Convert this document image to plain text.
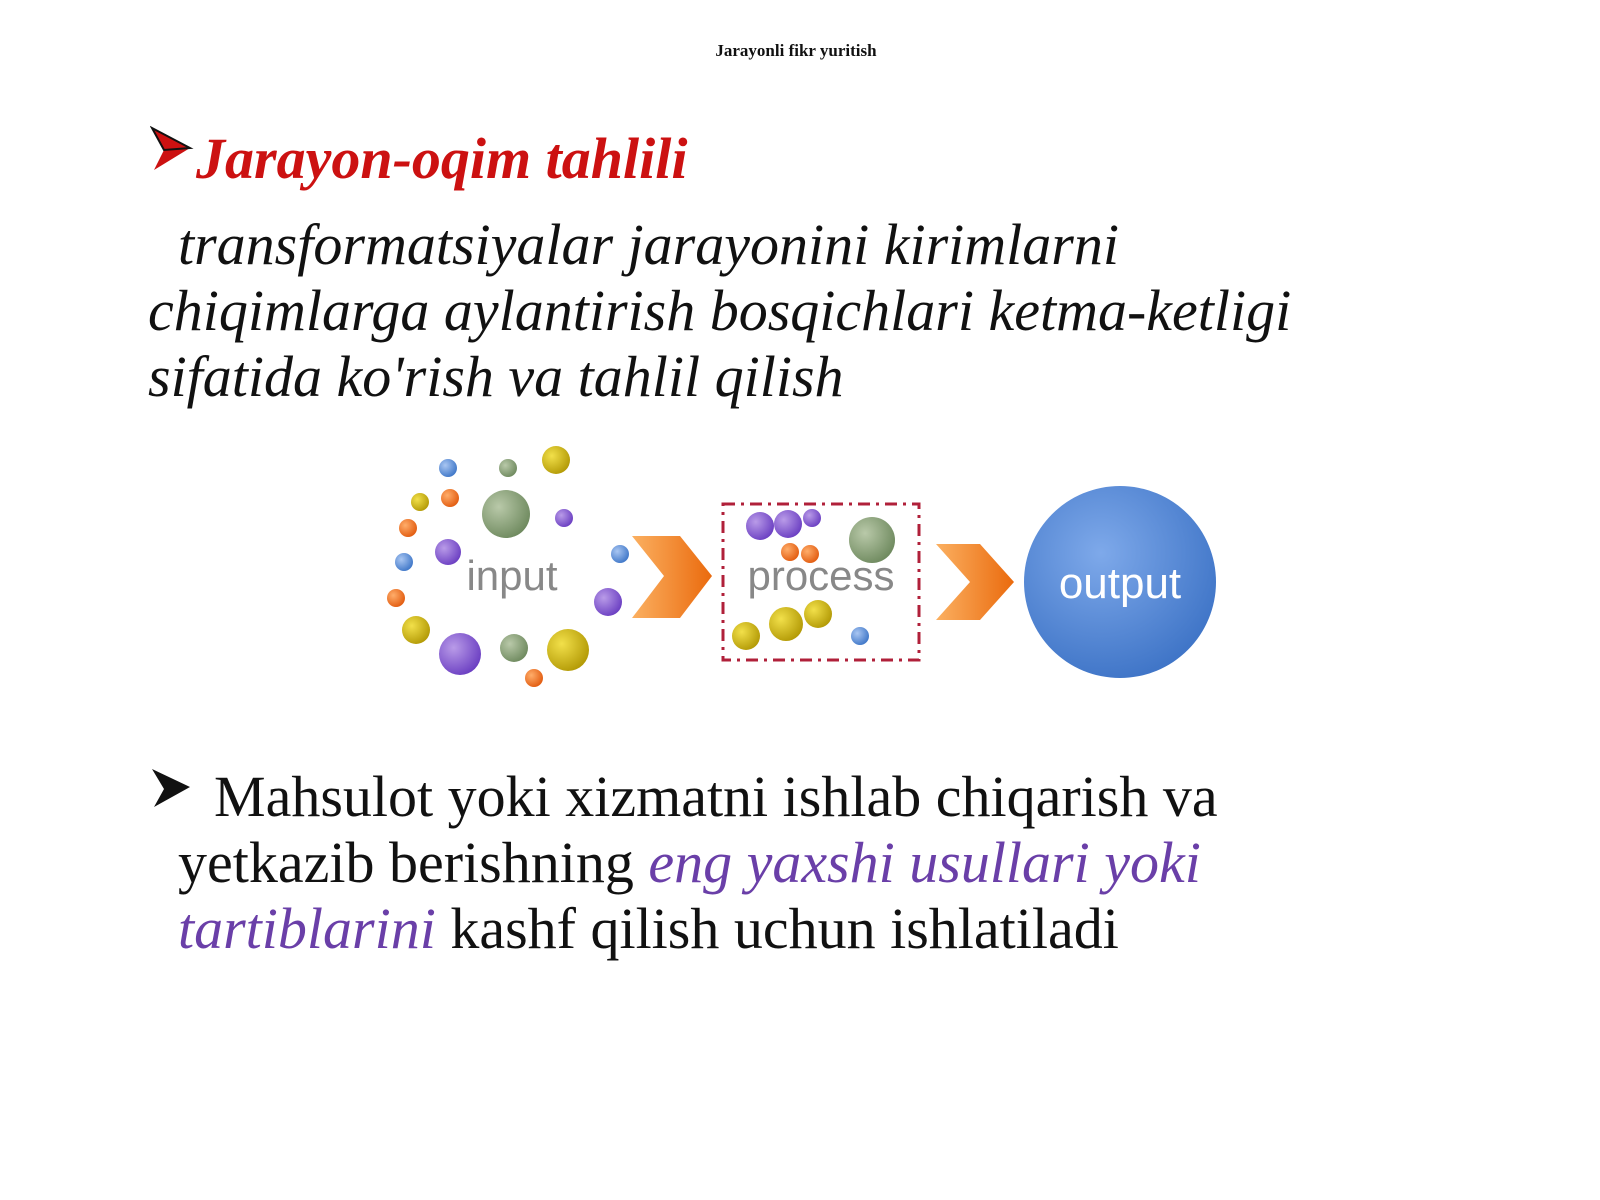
Jarayonli fikr yuritish
Jarayon-oqim tahlili
transformatsiyalar jarayonini kirimlarni
chiqimlarga aylantirish bosqichlari ketma-ketligi
sifatida ko'rish va tahlil qilish
input	process	output
Mahsulot yoki xizmatni ishlab chiqarish va
yetkazib berishning eng yaxshi usullari yoki
tartiblarini kashf qilish uchun ishlatiladi
